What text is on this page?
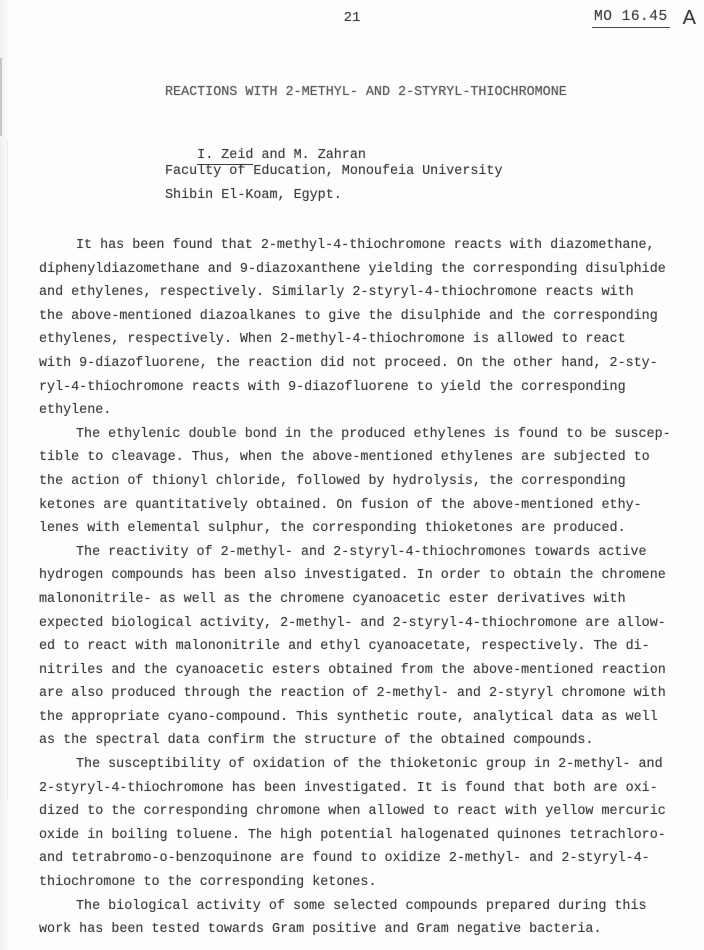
21	MO 16.45 A
REACTIONS WITH 2-METHYL- AND 2-STYRYL-THIOCHROMONE

I. Zeid and M. Zahran

Faculty of Education, Monoufeia University
Shibin El-Koam, Egypt.
It has been found that 2-methyl-4-thiochromone reacts with diazomethane,
diphenyldiazomethane and 9-diazoxanthene yielding the corresponding disulphide
and ethylenes, respectively. Similarly 2-styryl-4-thiochromone reacts with
the above-mentioned diazoalkanes to give the disulphide and the corresponding
ethylenes, respectively. When 2-methyl-4-thiochromone is allowed to react
with 9-diazofluorene, the reaction did not proceed. On the other hand, 2-sty-
ryl-4-thiochromone reacts with 9-diazofluorene to yield the corresponding
ethylene.
The ethylenic double bond in the produced ethylenes is found to be suscep-
tible to cleavage. Thus, when the above-mentioned ethylenes are subjected to
the action of thionyl chloride, followed by hydrolysis, the corresponding
ketones are quantitatively obtained. On fusion of the above-mentioned ethy-
lenes with elemental sulphur, the corresponding thioketones are produced.
The reactivity of 2-methyl- and 2-styryl-4-thiochromones towards active
hydrogen compounds has been also investigated. In order to obtain the chromene
malononitrile- as well as the chromene cyanoacetic ester derivatives with
expected biological activity, 2-methyl- and 2-styryl-4-thiochromone are allow-
ed to react with malononitrile and ethyl cyanoacetate, respectively. The di-
nitriles and the cyanoacetic esters obtained from the above-mentioned reaction
are also produced through the reaction of 2-methyl- and 2-styryl chromone with
the appropriate cyano-compound. This synthetic route, analytical data as well
as the spectral data confirm the structure of the obtained compounds.
The susceptibility of oxidation of the thioketonic group in 2-methyl- and
2-styryl-4-thiochromone has been investigated. It is found that both are oxi-
dized to the corresponding chromone when allowed to react with yellow mercuric
oxide in boiling toluene. The high potential halogenated quinones tetrachloro-
and tetrabromo-o-benzoquinone are found to oxidize 2-methyl- and 2-styryl-4-
thiochromone to the corresponding ketones.
The biological activity of some selected compounds prepared during this
work has been tested towards Gram positive and Gram negative bacteria.
